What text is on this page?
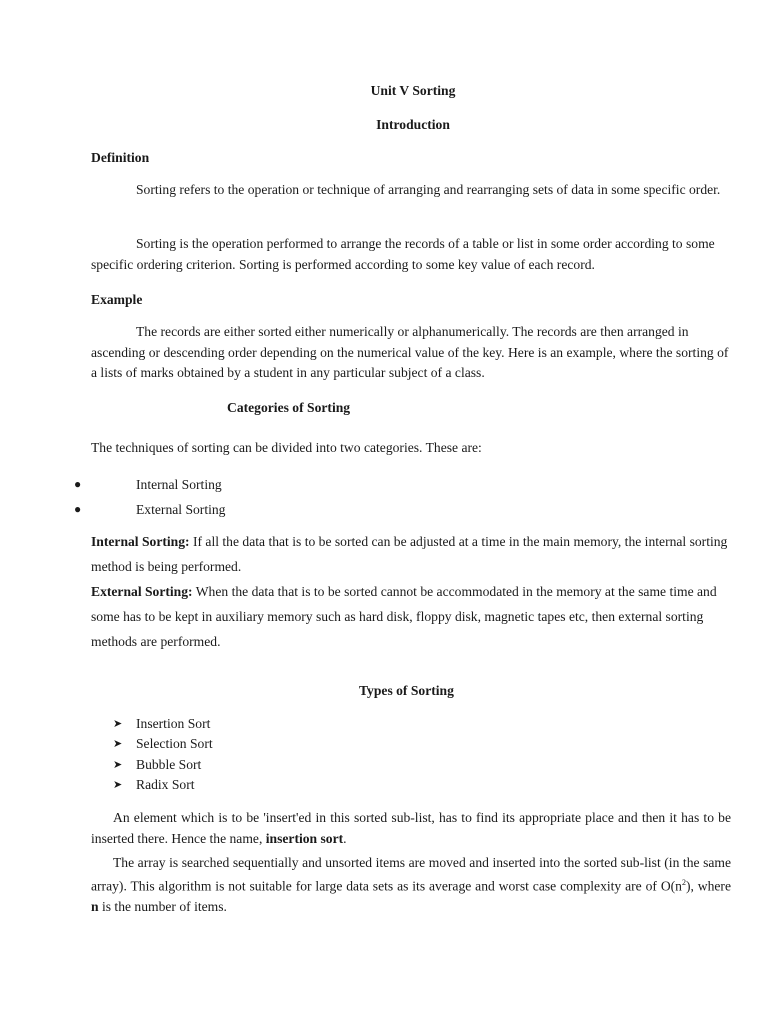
Unit V Sorting
Introduction
Definition
Sorting refers to the operation or technique of arranging and rearranging sets of data in some specific order.
Sorting is the operation performed to arrange the records of a table or list in some order according to some specific ordering criterion. Sorting is performed according to some key value of each record.
Example
The records are either sorted either numerically or alphanumerically. The records are then arranged in ascending or descending order depending on the numerical value of the key. Here is an example, where the sorting of a lists of marks obtained by a student in any particular subject of a class.
Categories of Sorting
The techniques of sorting can be divided into two categories. These are:
●	Internal Sorting
●	External Sorting
Internal Sorting: If all the data that is to be sorted can be adjusted at a time in the main memory, the internal sorting method is being performed.
External Sorting: When the data that is to be sorted cannot be accommodated in the memory at the same time and some has to be kept in auxiliary memory such as hard disk, floppy disk, magnetic tapes etc, then external sorting methods are performed.
Types of Sorting
➤ Insertion Sort
➤ Selection Sort
➤ Bubble Sort
➤ Radix Sort
An element which is to be 'insert'ed in this sorted sub-list, has to find its appropriate place and then it has to be inserted there. Hence the name, insertion sort.
The array is searched sequentially and unsorted items are moved and inserted into the sorted sub-list (in the same array). This algorithm is not suitable for large data sets as its average and worst case complexity are of $O(n^2)$, where n is the number of items.
